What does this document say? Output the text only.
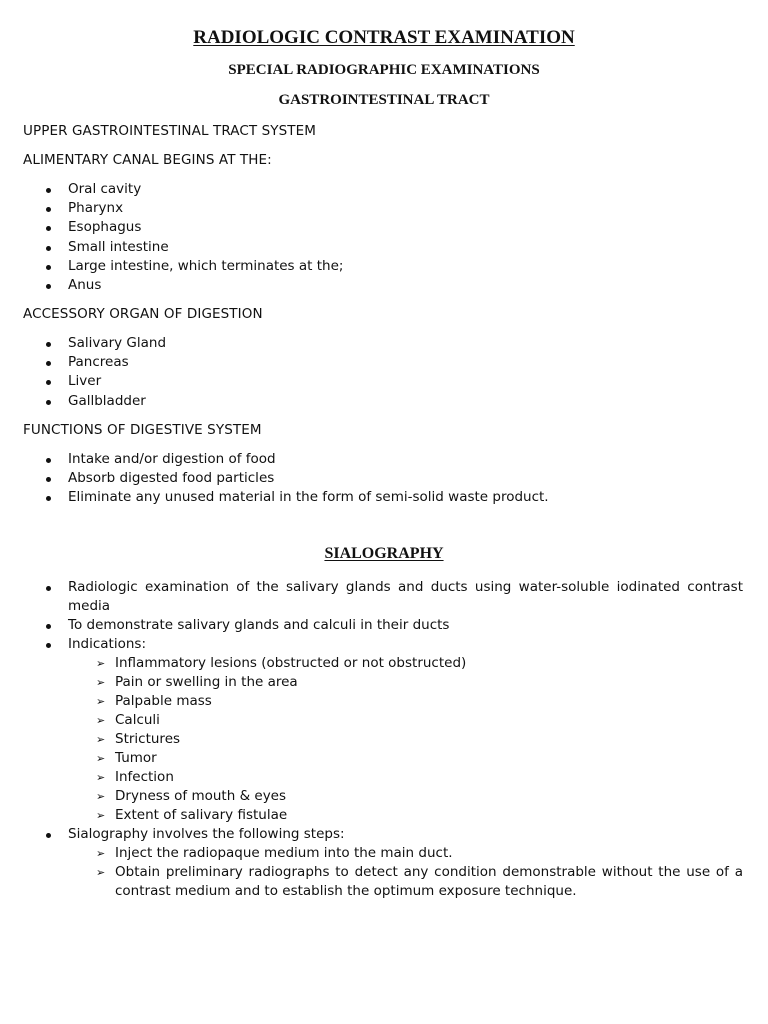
RADIOLOGIC CONTRAST EXAMINATION
SPECIAL RADIOGRAPHIC EXAMINATIONS
GASTROINTESTINAL TRACT

UPPER GASTROINTESTINAL TRACT SYSTEM

ALIMENTARY CANAL BEGINS AT THE:

Oral cavity
Pharynx
Esophagus
Small intestine
Large intestine, which terminates at the;
Anus

ACCESSORY ORGAN OF DIGESTION

Salivary Gland
Pancreas
Liver
Gallbladder

FUNCTIONS OF DIGESTIVE SYSTEM

Intake and/or digestion of food
Absorb digested food particles
Eliminate any unused material in the form of semi-solid waste product.
SIALOGRAPHY
Radiologic examination of the salivary glands and ducts using water-soluble iodinated contrast media
To demonstrate salivary glands and calculi in their ducts
Indications:
➢ Inflammatory lesions (obstructed or not obstructed)
➢ Pain or swelling in the area
➢ Palpable mass
➢ Calculi
➢ Strictures
➢ Tumor
➢ Infection
➢ Dryness of mouth & eyes
➢ Extent of salivary fistulae
Sialography involves the following steps:
➢ Inject the radiopaque medium into the main duct.
➢ Obtain preliminary radiographs to detect any condition demonstrable without the use of a contrast medium and to establish the optimum exposure technique.
